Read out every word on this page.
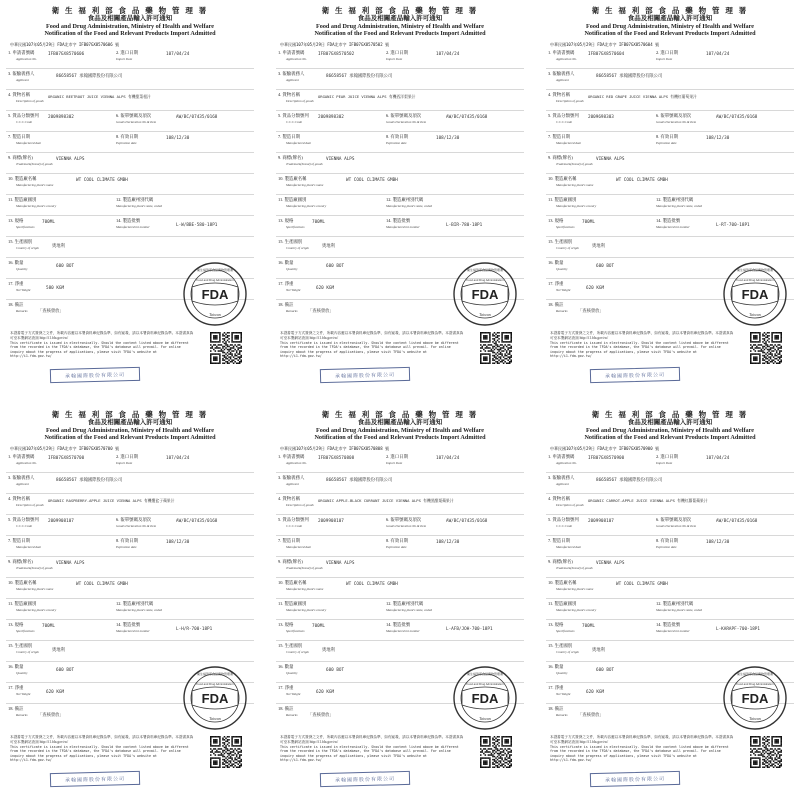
衛 生 福 利 部 食 品 藥 物 管 理 署
食品及相關產品輸入許可通知
Food and Drug Administration, Ministry of Health and Welfare
Notification of the Food and Relevant Products Import Admitted
中華民國107年05月29日 FDA北市字 IFB07GX8570606 號
1. 申請書號碼
Application No.
IFB07GX8570606	2. 進口日期
Import Date
107/04/24
3. 報驗義務人
Applicant
86658567 承翰國際股份有限公司
4. 貨物名稱
Description of goods
ORGANIC BEETROOT JUICE VIENNA ALPS 有機甜菜根汁
5. 貨品分類號列
C.C.C.Code
2009898302	6. 報單號碼及項次
Goods Declaration No.& Item
AW/BC/07435/0168
7. 製造日期
Manufactured date
8. 有效日期
Expiration date
108/12/30
9. 商標(牌名)
Trademark(brand) of goods
VIENNA ALPS
10. 製造廠名稱
Manufacturing plant's name
WT COOL CLIMATE GMBH
11. 製造廠國別
Manufacturing plant's country
12. 製造廠州別代碼
Manufacturing plant's state, coded
13. 規格
Specifications
700ML	14. 製造批號
Manufactured lot number	L-W/BBE-580-18P1
15. 生產國別
Country of origin	奧地利
16. 數量
Quantity	600 BOT
17. 淨重
Net Weight	580 KGM
18. 備註
Remarks 「查核發放」
FDA
衛生福利部食品藥物管理署
Food and Drug Administration
Taiwan
本證書電子方式簽發之文件，所載內容應以本署資料庫紀錄為準，如有疑義，請以本署資料庫紀錄為準。本證書真偽可至本署網站查詢 http://i1.fda.gov.tw/
This certificate is issued in electronically. Should the content listed above be different from the recorded in the TFDA's database, the TFDA's database will prevail. For online inquiry about the progress of applications, please visit TFDA's website at http://i1.fda.gov.tw/
承翰國際股份有限公司
衛 生 福 利 部 食 品 藥 物 管 理 署
食品及相關產品輸入許可通知
Food and Drug Administration, Ministry of Health and Welfare
Notification of the Food and Relevant Products Import Admitted
中華民國107年05月29日 FDA北市字 IFB07GX8570502 號
1. 申請書號碼
Application No.
IFB07GX8570502	2. 進口日期
Import Date
107/04/24
3. 報驗義務人
Applicant
86658567 承翰國際股份有限公司
4. 貨物名稱
Description of goods
ORGANIC PEAR JUICE VIENNA ALPS 有機西洋梨果汁
5. 貨品分類號列
C.C.C.Code
2009898302	6. 報單號碼及項次
Goods Declaration No.& Item
AW/BC/07435/0168
7. 製造日期
Manufactured date
8. 有效日期
Expiration date
108/12/30
9. 商標(牌名)
Trademark(brand) of goods
VIENNA ALPS
10. 製造廠名稱
Manufacturing plant's name
WT COOL CLIMATE GMBH
11. 製造廠國別
Manufacturing plant's country
12. 製造廠州別代碼
Manufacturing plant's state, coded
13. 規格
Specifications
700ML	14. 製造批號
Manufactured lot number	L-BIR-780-18P1
15. 生產國別
Country of origin	奧地利
16. 數量
Quantity	600 BOT
17. 淨重
Net Weight	620 KGM
18. 備註
Remarks 「查核發放」
FDA
衛生福利部食品藥物管理署
Food and Drug Administration
Taiwan
本證書電子方式簽發之文件，所載內容應以本署資料庫紀錄為準，如有疑義，請以本署資料庫紀錄為準。本證書真偽可至本署網站查詢 http://i1.fda.gov.tw/
This certificate is issued in electronically. Should the content listed above be different from the recorded in the TFDA's database, the TFDA's database will prevail. For online inquiry about the progress of applications, please visit TFDA's website at http://i1.fda.gov.tw/
承翰國際股份有限公司
衛 生 福 利 部 食 品 藥 物 管 理 署
食品及相關產品輸入許可通知
Food and Drug Administration, Ministry of Health and Welfare
Notification of the Food and Relevant Products Import Admitted
中華民國107年05月29日 FDA北市字 IFB07GX8570604 號
1. 申請書號碼
Application No.
IFB07GX8570604	2. 進口日期
Import Date
107/04/24
3. 報驗義務人
Applicant
86658567 承翰國際股份有限公司
4. 貨物名稱
Description of goods
ORGANIC RED GRAPE JUICE VIENNA ALPS 有機紅葡萄果汁
5. 貨品分類號列
C.C.C.Code
2009698303	6. 報單號碼及項次
Goods Declaration No.& Item
AW/BC/07435/0168
7. 製造日期
Manufactured date
8. 有效日期
Expiration date
108/12/30
9. 商標(牌名)
Trademark(brand) of goods
VIENNA ALPS
10. 製造廠名稱
Manufacturing plant's name
WT COOL CLIMATE GMBH
11. 製造廠國別
Manufacturing plant's country
12. 製造廠州別代碼
Manufacturing plant's state, coded
13. 規格
Specifications
700ML	14. 製造批號
Manufactured lot number	L-RT-700-18P1
15. 生產國別
Country of origin	奧地利
16. 數量
Quantity	600 BOT
17. 淨重
Net Weight	620 KGM
18. 備註
Remarks 「查核發放」
FDA
衛生福利部食品藥物管理署
Food and Drug Administration
Taiwan
本證書電子方式簽發之文件，所載內容應以本署資料庫紀錄為準，如有疑義，請以本署資料庫紀錄為準。本證書真偽可至本署網站查詢 http://i1.fda.gov.tw/
This certificate is issued in electronically. Should the content listed above be different from the recorded in the TFDA's database, the TFDA's database will prevail. For online inquiry about the progress of applications, please visit TFDA's website at http://i1.fda.gov.tw/
承翰國際股份有限公司
衛 生 福 利 部 食 品 藥 物 管 理 署
食品及相關產品輸入許可通知
Food and Drug Administration, Ministry of Health and Welfare
Notification of the Food and Relevant Products Import Admitted
中華民國107年05月29日 FDA北市字 IFB07GX8570700 號
1. 申請書號碼
Application No.
IFB07GX8570700	2. 進口日期
Import Date
107/04/24
3. 報驗義務人
Applicant
86658567 承翰國際股份有限公司
4. 貨物名稱
Description of goods
ORGANIC RASPBERRY-APPLE JUICE VIENNA ALPS 有機覆盆子蘋果汁
5. 貨品分類號列
C.C.C.Code
2009908107	6. 報單號碼及項次
Goods Declaration No.& Item
AW/BC/07435/0168
7. 製造日期
Manufactured date
8. 有效日期
Expiration date
108/12/30
9. 商標(牌名)
Trademark(brand) of goods
VIENNA ALPS
10. 製造廠名稱
Manufacturing plant's name
WT COOL CLIMATE GMBH
11. 製造廠國別
Manufacturing plant's country
12. 製造廠州別代碼
Manufacturing plant's state, coded
13. 規格
Specifications
700ML	14. 製造批號
Manufactured lot number	L-H/R-700-18P1
15. 生產國別
Country of origin	奧地利
16. 數量
Quantity	600 BOT
17. 淨重
Net Weight	620 KGM
18. 備註
Remarks 「查核發放」
FDA
衛生福利部食品藥物管理署
Food and Drug Administration
Taiwan
本證書電子方式簽發之文件，所載內容應以本署資料庫紀錄為準，如有疑義，請以本署資料庫紀錄為準。本證書真偽可至本署網站查詢 http://i1.fda.gov.tw/
This certificate is issued in electronically. Should the content listed above be different from the recorded in the TFDA's database, the TFDA's database will prevail. For online inquiry about the progress of applications, please visit TFDA's website at http://i1.fda.gov.tw/
承翰國際股份有限公司
衛 生 福 利 部 食 品 藥 物 管 理 署
食品及相關產品輸入許可通知
Food and Drug Administration, Ministry of Health and Welfare
Notification of the Food and Relevant Products Import Admitted
中華民國107年05月29日 FDA北市字 IFB07GX8570808 號
1. 申請書號碼
Application No.
IFB07GX8570808	2. 進口日期
Import Date
107/04/24
3. 報驗義務人
Applicant
86658567 承翰國際股份有限公司
4. 貨物名稱
Description of goods
ORGANIC APPLE-BLACK CURRANT JUICE VIENNA ALPS 有機黑醋栗蘋果汁
5. 貨品分類號列
C.C.C.Code
2009908107	6. 報單號碼及項次
Goods Declaration No.& Item
AW/BC/07435/0168
7. 製造日期
Manufactured date
8. 有效日期
Expiration date
108/12/30
9. 商標(牌名)
Trademark(brand) of goods
VIENNA ALPS
10. 製造廠名稱
Manufacturing plant's name
WT COOL CLIMATE GMBH
11. 製造廠國別
Manufacturing plant's country
12. 製造廠州別代碼
Manufacturing plant's state, coded
13. 規格
Specifications
700ML	14. 製造批號
Manufactured lot number	L-AFB/JOH-700-18P1
15. 生產國別
Country of origin	奧地利
16. 數量
Quantity	600 BOT
17. 淨重
Net Weight	620 KGM
18. 備註
Remarks 「查核發放」
FDA
衛生福利部食品藥物管理署
Food and Drug Administration
Taiwan
本證書電子方式簽發之文件，所載內容應以本署資料庫紀錄為準，如有疑義，請以本署資料庫紀錄為準。本證書真偽可至本署網站查詢 http://i1.fda.gov.tw/
This certificate is issued in electronically. Should the content listed above be different from the recorded in the TFDA's database, the TFDA's database will prevail. For online inquiry about the progress of applications, please visit TFDA's website at http://i1.fda.gov.tw/
承翰國際股份有限公司
衛 生 福 利 部 食 品 藥 物 管 理 署
食品及相關產品輸入許可通知
Food and Drug Administration, Ministry of Health and Welfare
Notification of the Food and Relevant Products Import Admitted
中華民國107年05月29日 FDA北市字 IFB07GX8570900 號
1. 申請書號碼
Application No.
IFB07GX8570900	2. 進口日期
Import Date
107/04/24
3. 報驗義務人
Applicant
86658567 承翰國際股份有限公司
4. 貨物名稱
Description of goods
ORGANIC CARROT-APPLE JUICE VIENNA ALPS 有機紅蘿蔔蘋果汁
5. 貨品分類號列
C.C.C.Code
2009908107	6. 報單號碼及項次
Goods Declaration No.& Item
AW/BC/07435/0168
7. 製造日期
Manufactured date
8. 有效日期
Expiration date
108/12/30
9. 商標(牌名)
Trademark(brand) of goods
VIENNA ALPS
10. 製造廠名稱
Manufacturing plant's name
WT COOL CLIMATE GMBH
11. 製造廠國別
Manufacturing plant's country
12. 製造廠州別代碼
Manufacturing plant's state, coded
13. 規格
Specifications
700ML	14. 製造批號
Manufactured lot number	L-KARAPF-700-18P1
15. 生產國別
Country of origin	奧地利
16. 數量
Quantity	600 BOT
17. 淨重
Net Weight	620 KGM
18. 備註
Remarks 「查核發放」
FDA
衛生福利部食品藥物管理署
Food and Drug Administration
Taiwan
本證書電子方式簽發之文件，所載內容應以本署資料庫紀錄為準，如有疑義，請以本署資料庫紀錄為準。本證書真偽可至本署網站查詢 http://i1.fda.gov.tw/
This certificate is issued in electronically. Should the content listed above be different from the recorded in the TFDA's database, the TFDA's database will prevail. For online inquiry about the progress of applications, please visit TFDA's website at http://i1.fda.gov.tw/
承翰國際股份有限公司
